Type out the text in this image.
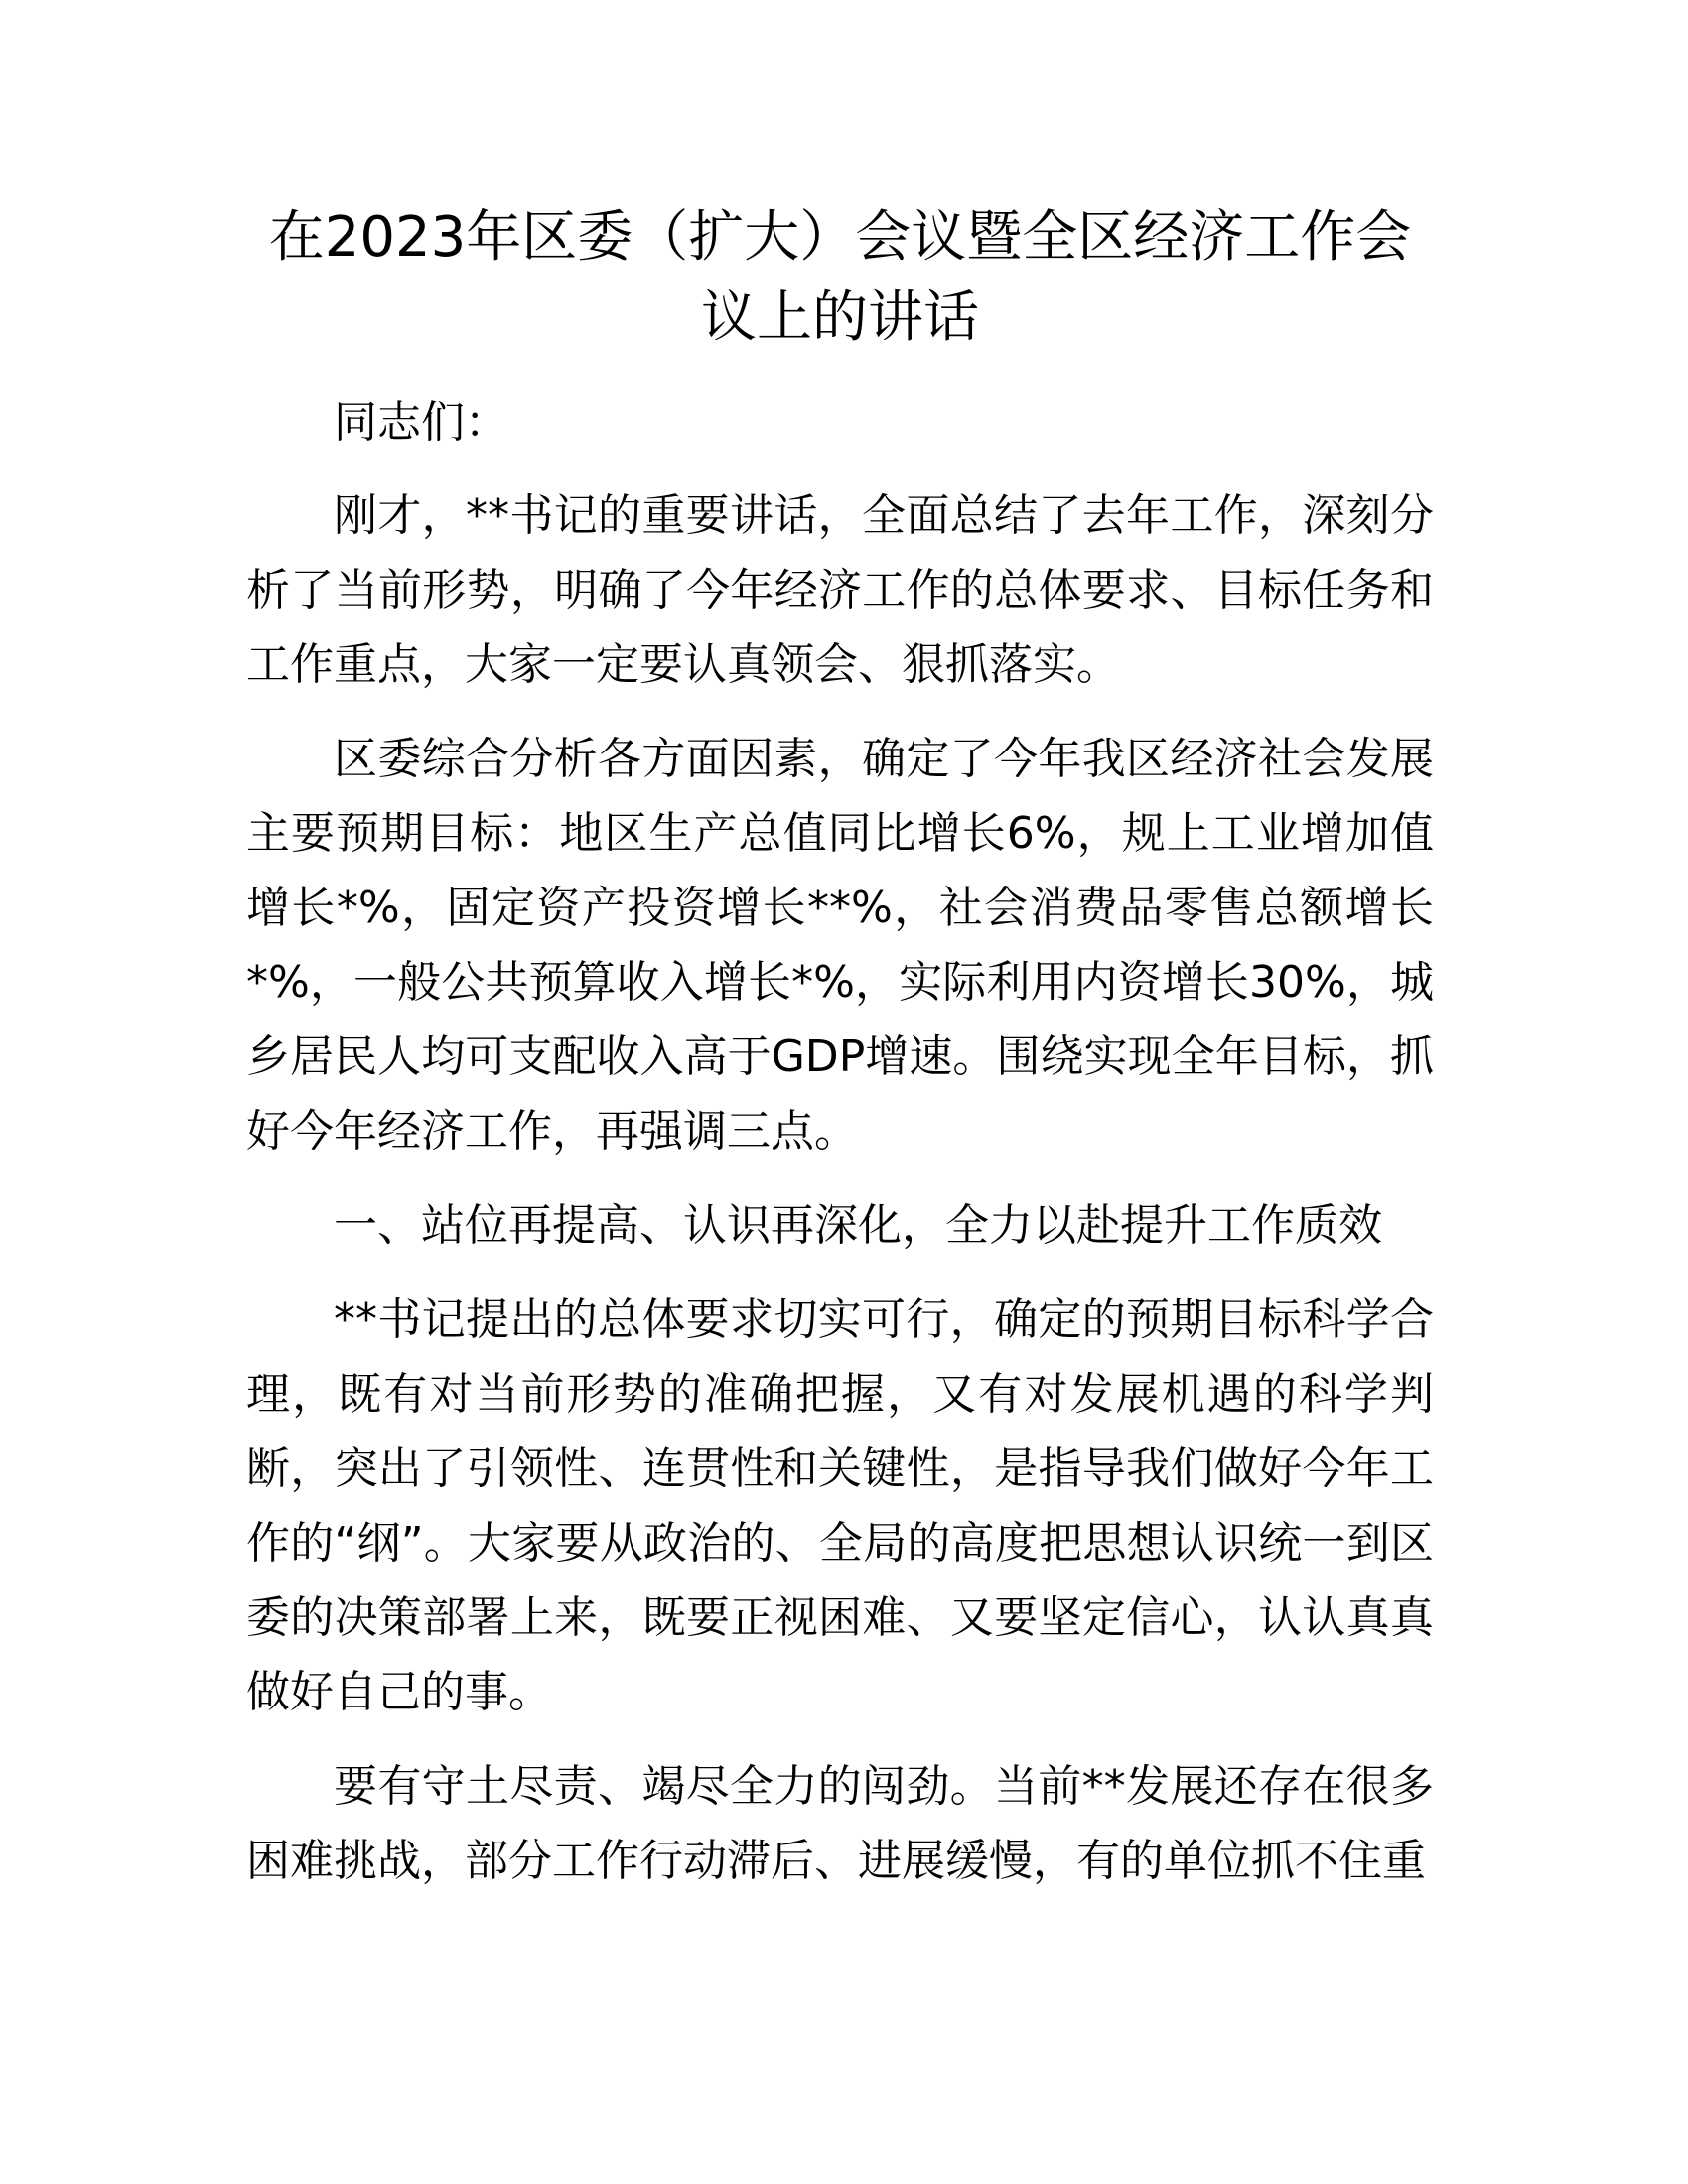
在2023年区委（扩大）会议暨全区经济工作会议上的讲话

同志们：

刚才，**书记的重要讲话，全面总结了去年工作，深刻分析了当前形势，明确了今年经济工作的总体要求、目标任务和工作重点，大家一定要认真领会、狠抓落实。

区委综合分析各方面因素，确定了今年我区经济社会发展主要预期目标：地区生产总值同比增长6%，规上工业增加值增长*%，固定资产投资增长**%，社会消费品零售总额增长*%，一般公共预算收入增长*%，实际利用内资增长30%，城乡居民人均可支配收入高于GDP增速。围绕实现全年目标，抓好今年经济工作，再强调三点。

一、站位再提高、认识再深化，全力以赴提升工作质效

**书记提出的总体要求切实可行，确定的预期目标科学合理，既有对当前形势的准确把握，又有对发展机遇的科学判断，突出了引领性、连贯性和关键性，是指导我们做好今年工作的“纲”。大家要从政治的、全局的高度把思想认识统一到区委的决策部署上来，既要正视困难、又要坚定信心，认认真真做好自己的事。

要有守土尽责、竭尽全力的闯劲。当前**发展还存在很多困难挑战，部分工作行动滞后、进展缓慢，有的单位抓不住重
